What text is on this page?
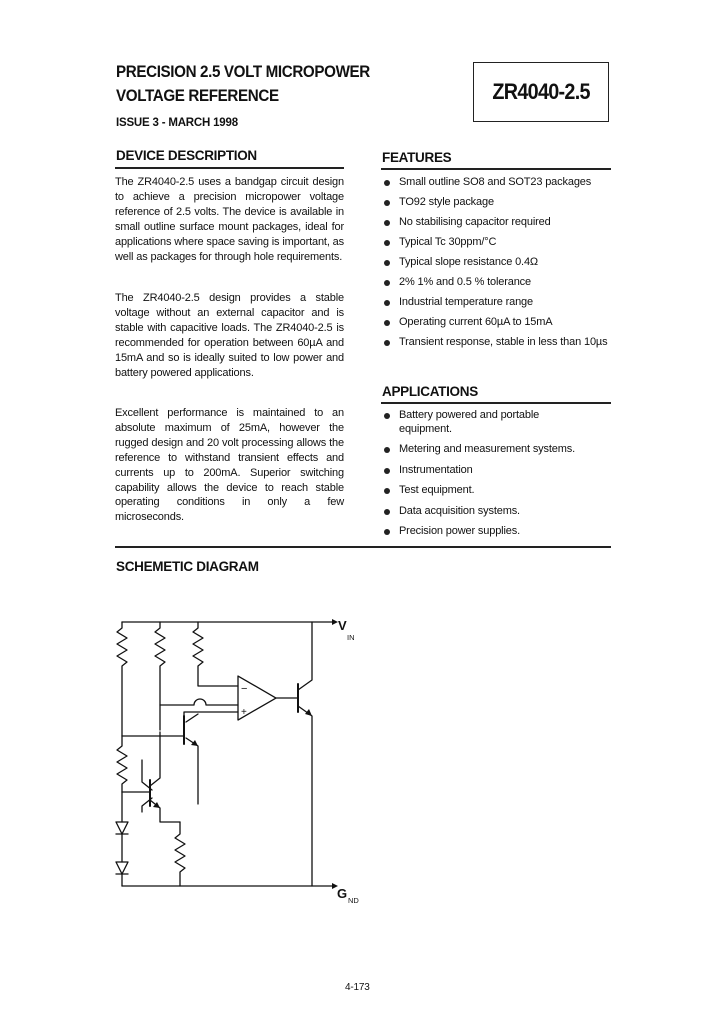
PRECISION 2.5 VOLT MICROPOWER
VOLTAGE REFERENCE
ISSUE 3 - MARCH 1998
ZR4040-2.5
DEVICE DESCRIPTION

The ZR4040-2.5 uses a bandgap circuit design to achieve a precision micropower voltage reference of 2.5 volts. The device is available in small outline surface mount packages, ideal for applications where space saving is important, as well as packages for through hole requirements.

The ZR4040-2.5 design provides a stable voltage without an external capacitor and is stable with capacitive loads. The ZR4040-2.5 is recommended for operation between 60µA and 15mA and so is ideally suited to low power and battery powered applications.

Excellent performance is maintained to an absolute maximum of 25mA, however the rugged design and 20 volt processing allows the reference to withstand transient effects and currents up to 200mA. Superior switching capability allows the device to reach stable operating conditions in only a few microseconds.

FEATURES
Small outline SO8 and SOT23 packages
TO92 style package
No stabilising capacitor required
Typical Tc 30ppm/°C
Typical slope resistance 0.4Ω
2% 1% and 0.5 % tolerance
Industrial temperature range
Operating current 60µA to 15mA
Transient response, stable in less than 10µs
APPLICATIONS
Battery powered and portable equipment.
Metering and measurement systems.
Instrumentation
Test equipment.
Data acquisition systems.
Precision power supplies.
SCHEMETIC DIAGRAM
V
IN
G ND
−
+
4-173
